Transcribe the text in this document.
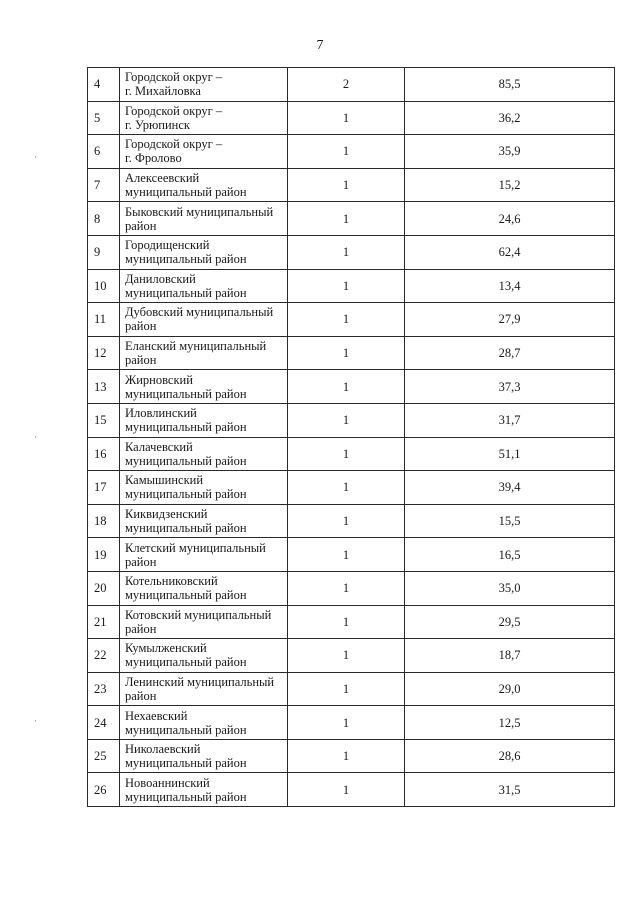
7
·
·
·
4	Городской округ –
г. Михайловка	2	85,5
5	Городской округ –
г. Урюпинск	1	36,2
6	Городской округ –
г. Фролово	1	35,9
7	Алексеевский
муниципальный район	1	15,2
8	Быковский муниципальный
район	1	24,6
9	Городищенский
муниципальный район	1	62,4
10	Даниловский
муниципальный район	1	13,4
11	Дубовский муниципальный
район	1	27,9
12	Еланский муниципальный
район	1	28,7
13	Жирновский
муниципальный район	1	37,3
15	Иловлинский
муниципальный район	1	31,7
16	Калачевский
муниципальный район	1	51,1
17	Камышинский
муниципальный район	1	39,4
18	Киквидзенский
муниципальный район	1	15,5
19	Клетский муниципальный
район	1	16,5
20	Котельниковский
муниципальный район	1	35,0
21	Котовский муниципальный
район	1	29,5
22	Кумылженский
муниципальный район	1	18,7
23	Ленинский муниципальный
район	1	29,0
24	Нехаевский
муниципальный район	1	12,5
25	Николаевский
муниципальный район	1	28,6
26	Новоаннинский
муниципальный район	1	31,5
